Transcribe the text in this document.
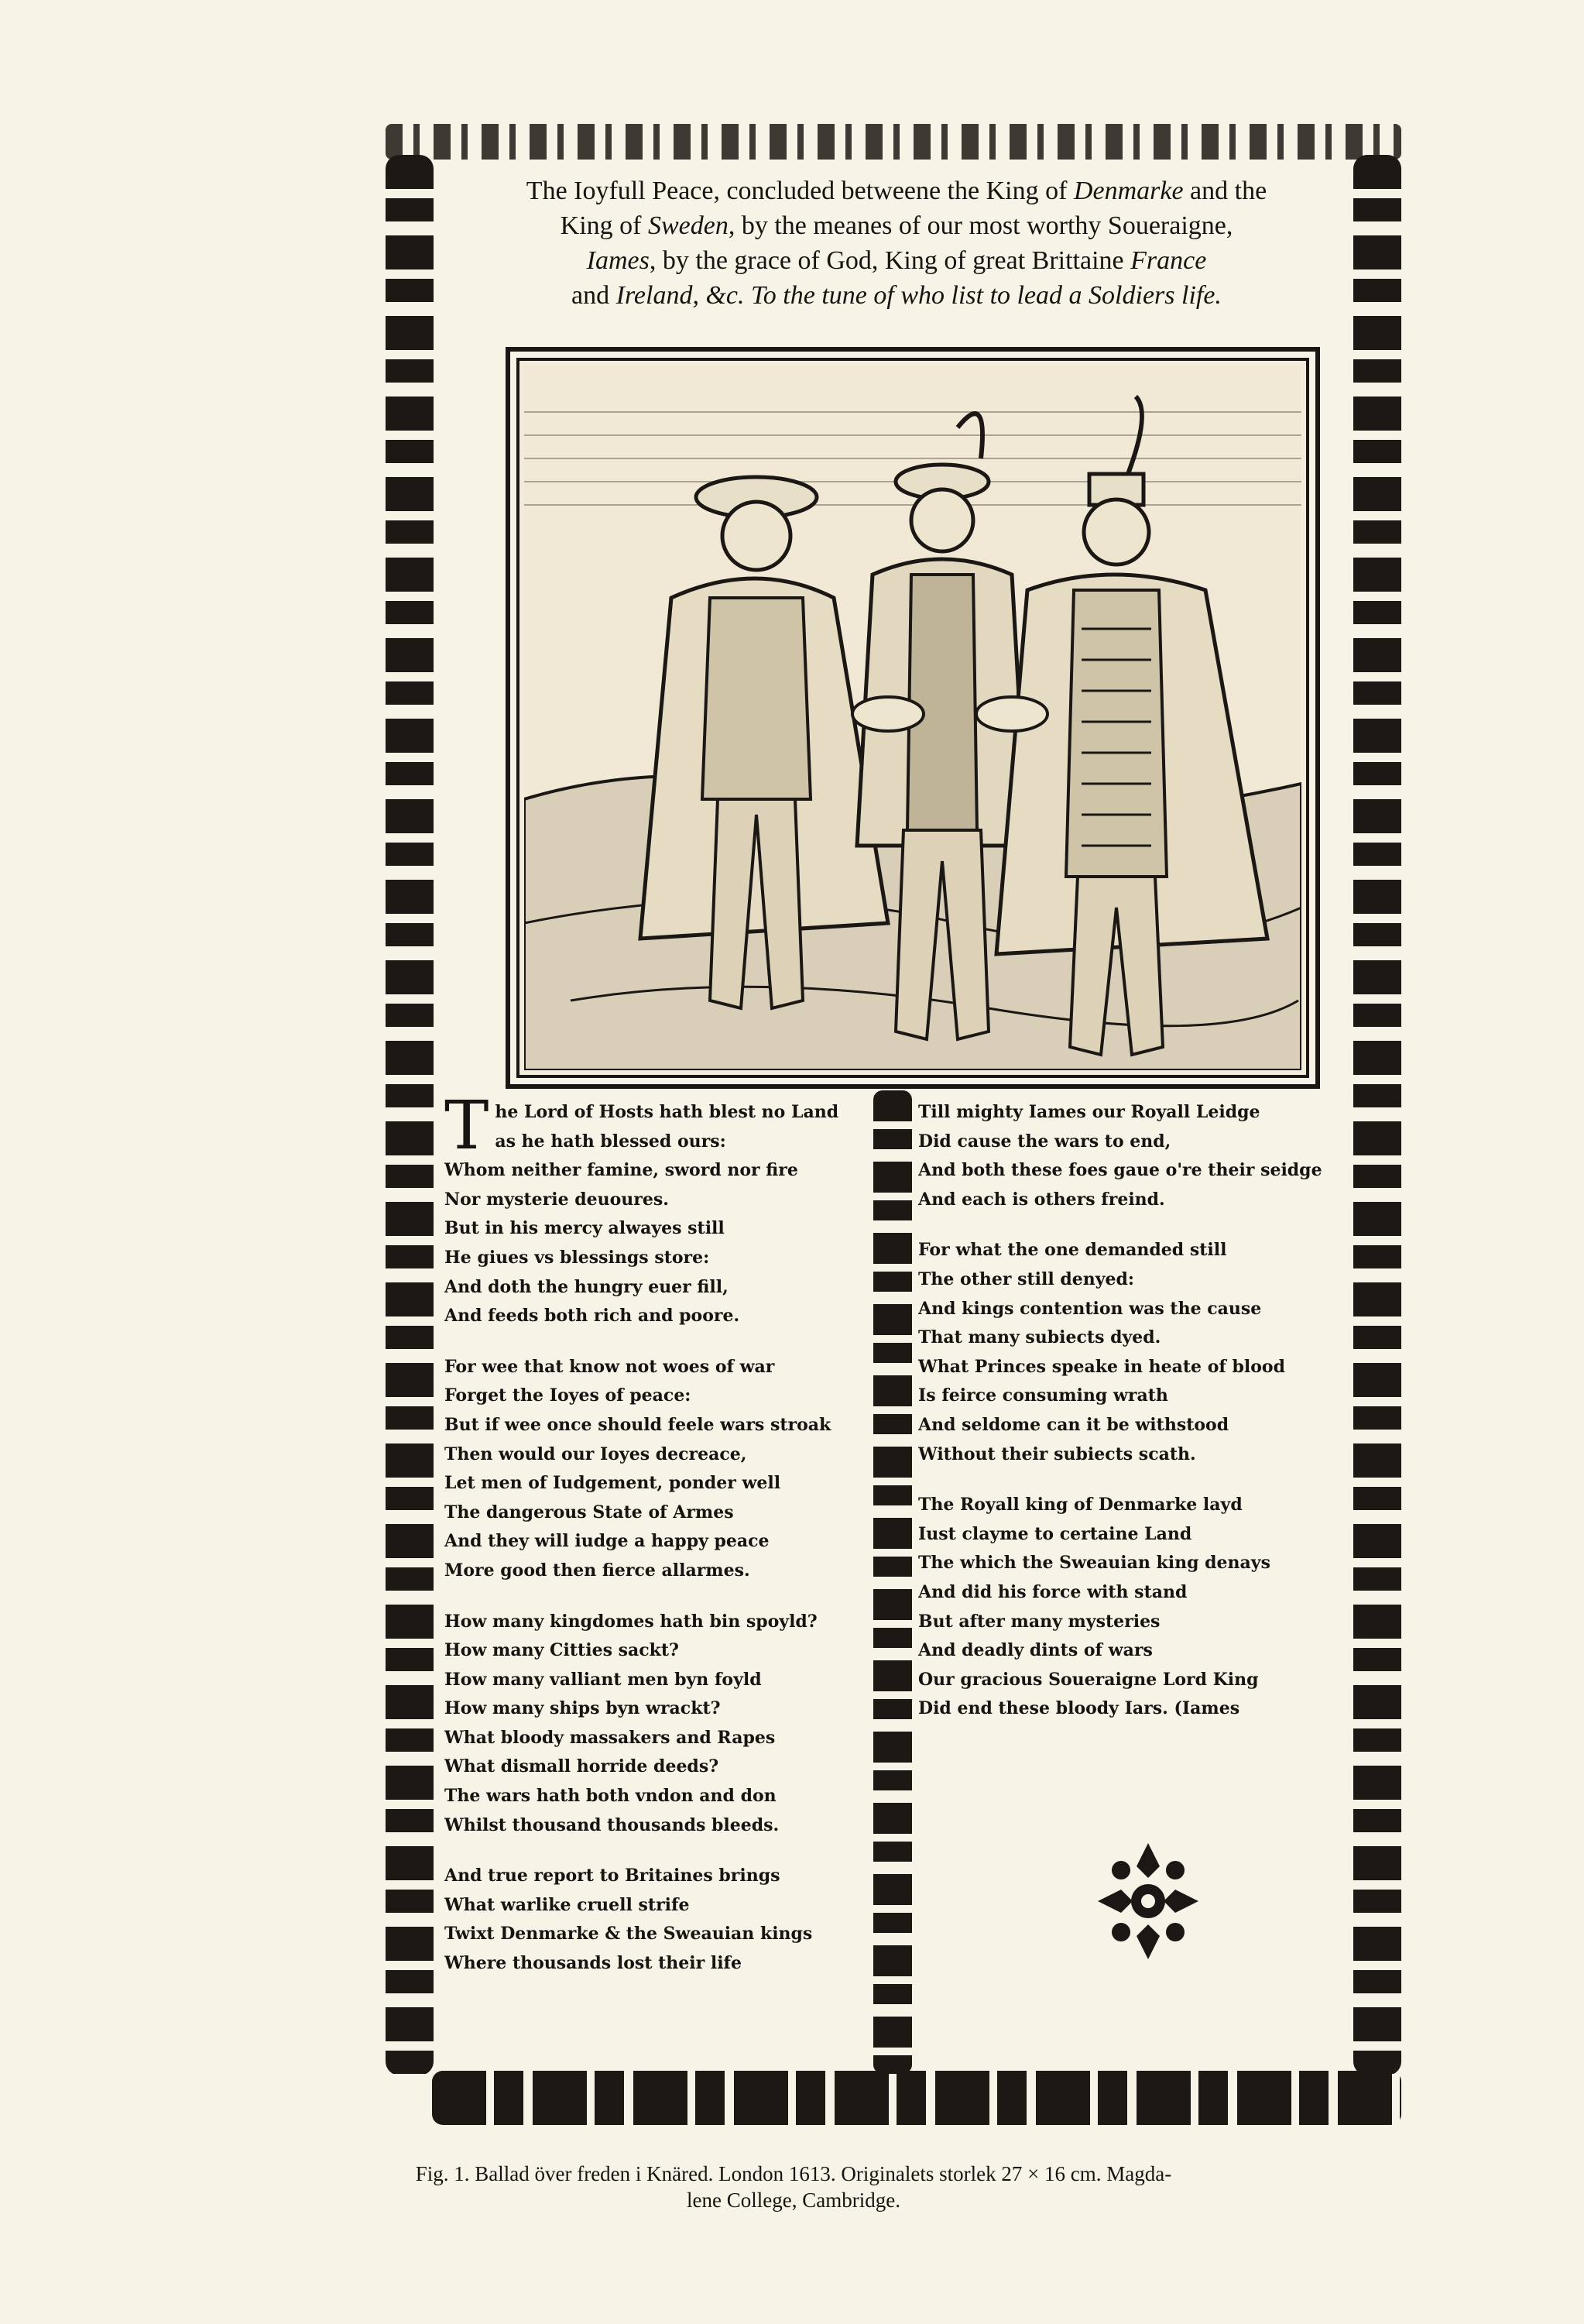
The Ioyfull Peace, concluded betweene the King of Denmarke and the
King of Sweden, by the meanes of our most worthy Soueraigne,
Iames, by the grace of God, King of great Brittaine France
and Ireland, &c. To the tune of who list to lead a Soldiers life.
T he Lord of Hosts hath blest no Land
as he hath blessed ours:
Whom neither famine, sword nor fire
Nor mysterie deuoures.
But in his mercy alwayes still
He giues vs blessings store:
And doth the hungry euer fill,
And feeds both rich and poore.
For wee that know not woes of war
Forget the Ioyes of peace:
But if wee once should feele wars stroak
Then would our Ioyes decreace,
Let men of Iudgement, ponder well
The dangerous State of Armes
And they will iudge a happy peace
More good then fierce allarmes.
How many kingdomes hath bin spoyld?
How many Citties sackt?
How many valliant men byn foyld
How many ships byn wrackt?
What bloody massakers and Rapes
What dismall horride deeds?
The wars hath both vndon and don
Whilst thousand thousands bleeds.
And true report to Britaines brings
What warlike cruell strife
Twixt Denmarke & the Sweauian kings
Where thousands lost their life
Till mighty Iames our Royall Leidge
Did cause the wars to end,
And both these foes gaue o're their seidge
And each is others freind.
For what the one demanded still
The other still denyed:
And kings contention was the cause
That many subiects dyed.
What Princes speake in heate of blood
Is feirce consuming wrath
And seldome can it be withstood
Without their subiects scath.
The Royall king of Denmarke layd
Iust clayme to certaine Land
The which the Sweauian king denays
And did his force with stand
But after many mysteries
And deadly dints of wars
Our gracious Soueraigne Lord King
Did end these bloody Iars. (Iames
Fig. 1. Ballad över freden i Knäred. London 1613. Originalets storlek 27 × 16 cm. Magda-
lene College, Cambridge.
